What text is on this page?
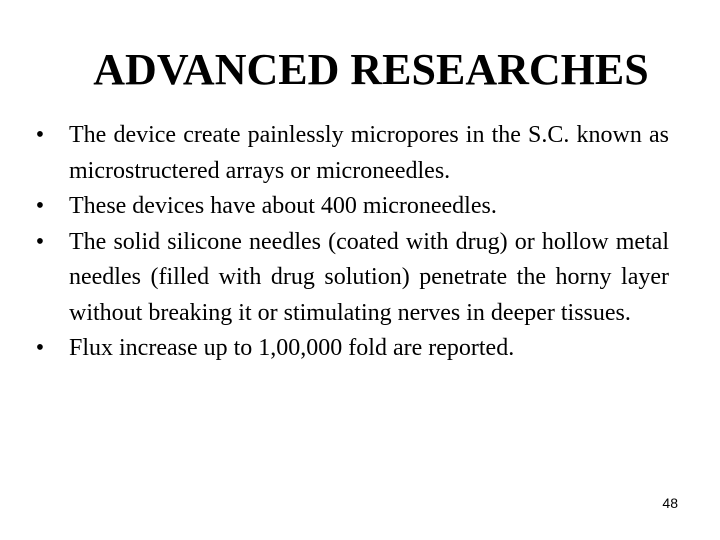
ADVANCED RESEARCHES
• The device create painlessly micropores in the S.C. known as microstructered arrays or microneedles.
• These devices have about 400 microneedles.
• The solid silicone needles (coated with drug) or hollow metal needles (filled with drug solution) penetrate the horny layer without breaking it or stimulating nerves in deeper tissues.
• Flux increase up to 1,00,000 fold are reported.
48
